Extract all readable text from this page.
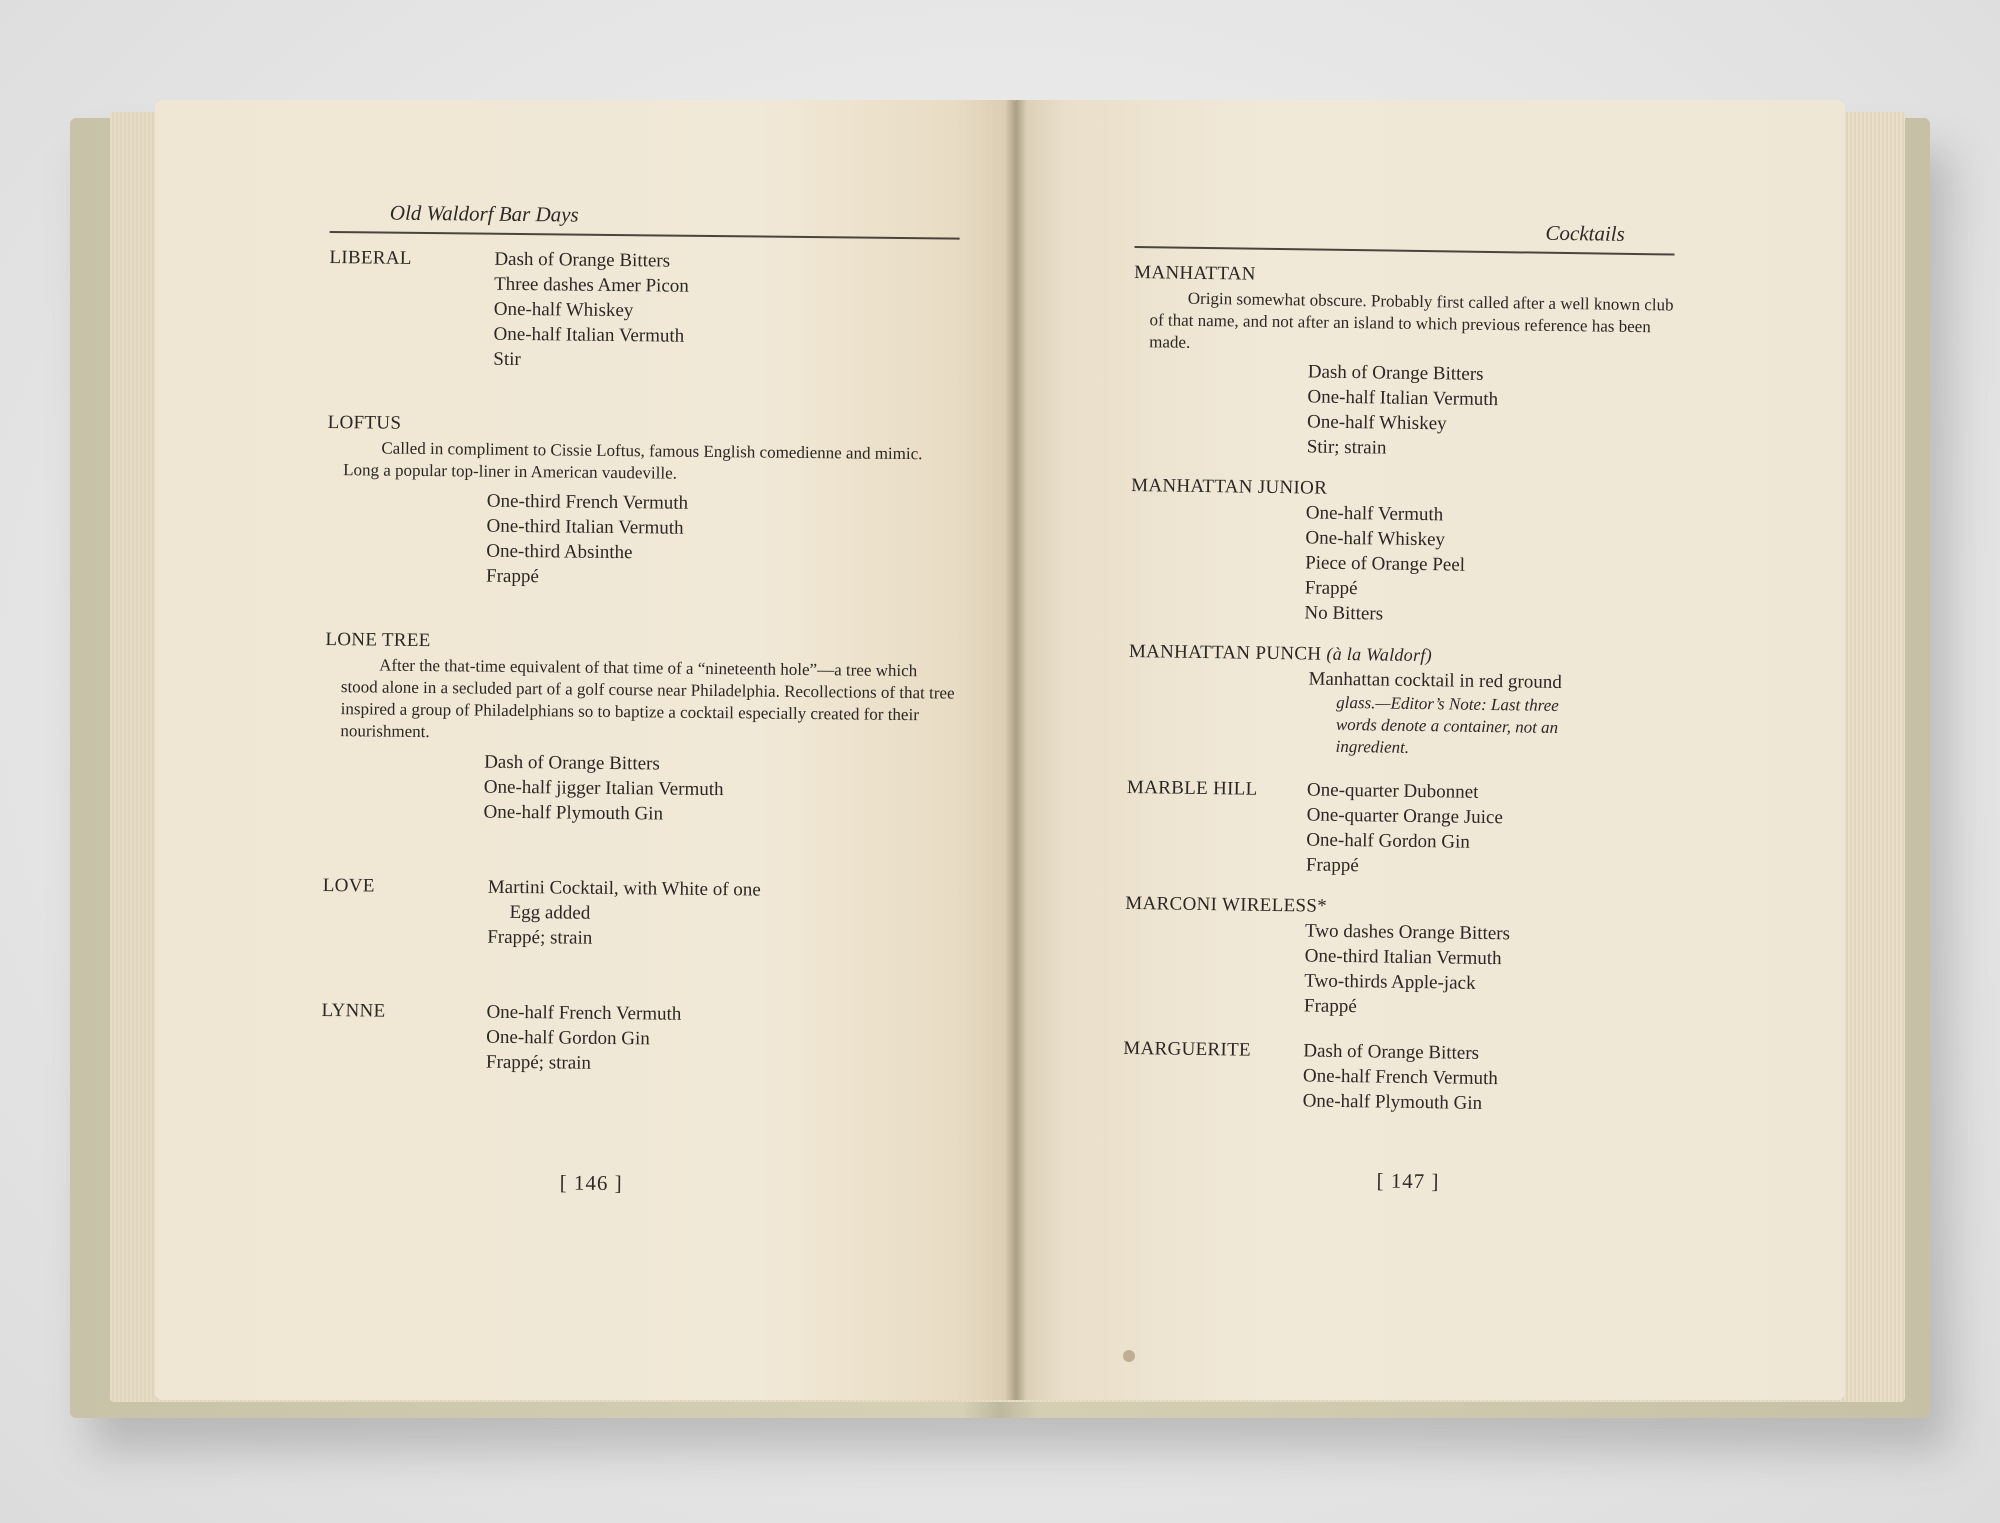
Old Waldorf Bar Days
LIBERAL	Dash of Orange Bitters
Three dashes Amer Picon
One-half Whiskey
One-half Italian Vermuth
Stir
LOFTUS
Called in compliment to Cissie Loftus, famous English comedienne and mimic. Long a popular top-liner in American vaudeville.
One-third French Vermuth
One-third Italian Vermuth
One-third Absinthe
Frappé
LONE TREE
After the that-time equivalent of that time of a “nineteenth hole”—a tree which stood alone in a secluded part of a golf course near Philadelphia. Recollections of that tree inspired a group of Philadelphians so to baptize a cocktail especially created for their nourishment.
Dash of Orange Bitters
One-half jigger Italian Vermuth
One-half Plymouth Gin
LOVE	Martini Cocktail, with White of one
Egg added
Frappé; strain
LYNNE	One-half French Vermuth
One-half Gordon Gin
Frappé; strain
[ 146 ]
Cocktails
MANHATTAN
Origin somewhat obscure. Probably first called after a well known club of that name, and not after an island to which previous reference has been made.
Dash of Orange Bitters
One-half Italian Vermuth
One-half Whiskey
Stir; strain
MANHATTAN JUNIOR
One-half Vermuth
One-half Whiskey
Piece of Orange Peel
Frappé
No Bitters
MANHATTAN PUNCH (à la Waldorf)
Manhattan cocktail in red ground
glass.—Editor’s Note: Last three
words denote a container, not an
ingredient.
MARBLE HILL	One-quarter Dubonnet
One-quarter Orange Juice
One-half Gordon Gin
Frappé
MARCONI WIRELESS*
Two dashes Orange Bitters
One-third Italian Vermuth
Two-thirds Apple-jack
Frappé
MARGUERITE	Dash of Orange Bitters
One-half French Vermuth
One-half Plymouth Gin
[ 147 ]
